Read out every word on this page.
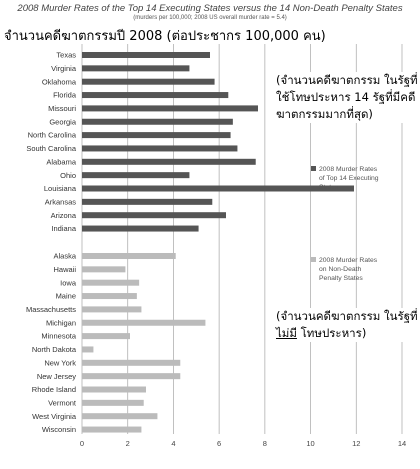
2008 Murder Rates of the Top 14 Executing States versus the 14 Non-Death Penalty States
(murders per 100,000; 2008 US overall murder rate = 5.4)
จำนวนคดีฆาตกรรมปี 2008 (ต่อประชากร 100,000 คน)
Texas
Virginia
Oklahoma
Florida
Missouri
Georgia
North Carolina
South Carolina
Alabama
Ohio
Louisiana
Arkansas
Arizona
Indiana
Alaska
Hawaii
Iowa
Maine
Massachusetts
Michigan
Minnesota
North Dakota
New York
New Jersey
Rhode Island
Vermont
West Virginia
Wisconsin
0	2	4	6	8	10	12	14
2008 Murder Rates of Top 14 Executing States
2008 Murder Rates on Non-Death Penalty States
(จำนวนคดีฆาตกรรม ในรัฐที่ใช้โทษประหาร 14 รัฐที่มีคดีฆาตกรรมมากที่สุด)
(จำนวนคดีฆาตกรรม ในรัฐที่ ไม่มี โทษประหาร)
